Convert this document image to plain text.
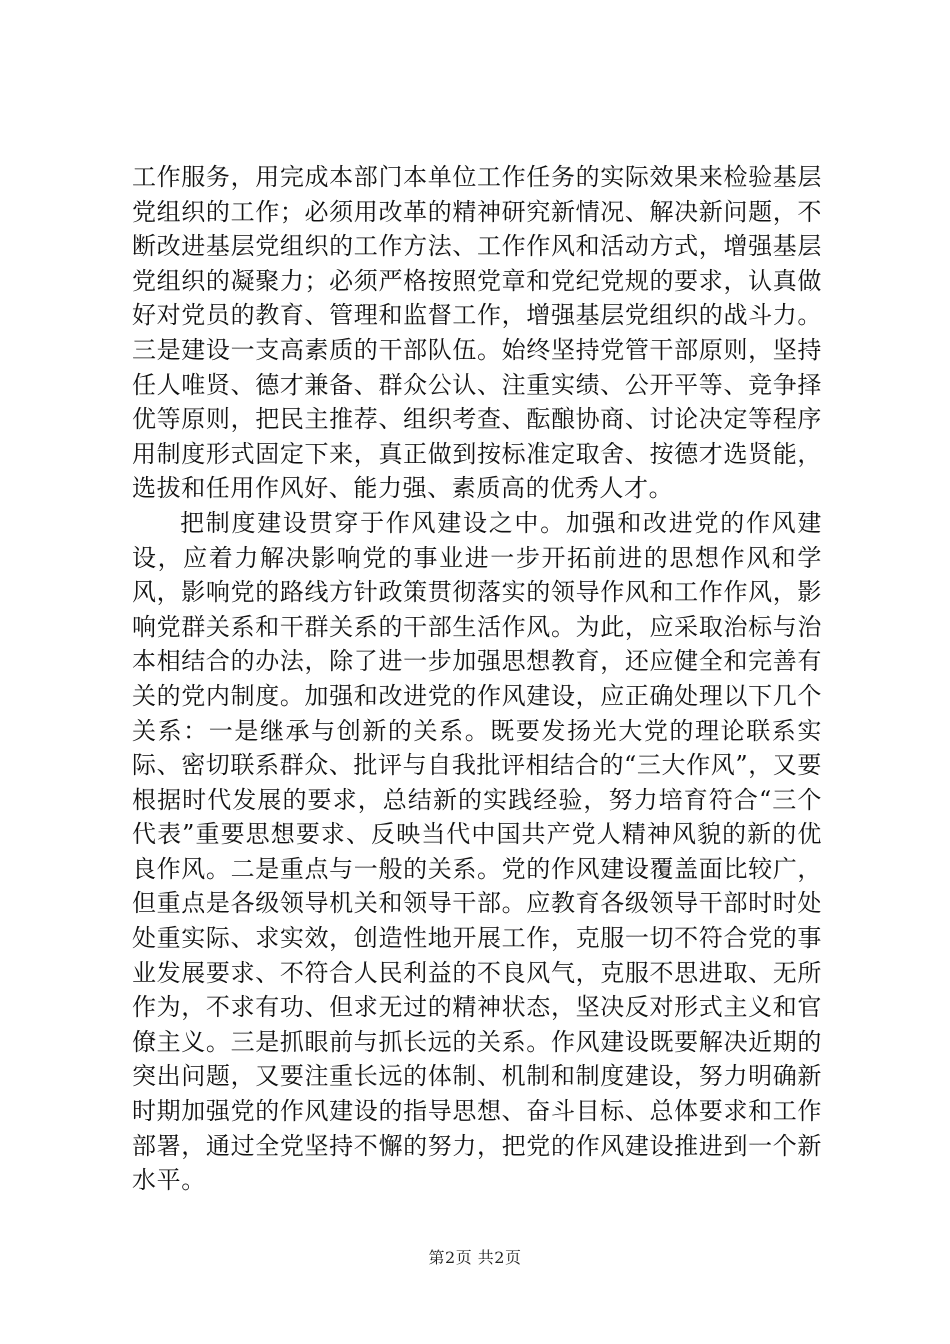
工作服务，用完成本部门本单位工作任务的实际效果来检验基层党组织的工作；必须用改革的精神研究新情况、解决新问题，不断改进基层党组织的工作方法、工作作风和活动方式，增强基层党组织的凝聚力；必须严格按照党章和党纪党规的要求，认真做好对党员的教育、管理和监督工作，增强基层党组织的战斗力。三是建设一支高素质的干部队伍。始终坚持党管干部原则，坚持任人唯贤、德才兼备、群众公认、注重实绩、公开平等、竞争择优等原则，把民主推荐、组织考查、酝酿协商、讨论决定等程序用制度形式固定下来，真正做到按标准定取舍、按德才选贤能，选拔和任用作风好、能力强、素质高的优秀人才。

把制度建设贯穿于作风建设之中。加强和改进党的作风建设，应着力解决影响党的事业进一步开拓前进的思想作风和学风，影响党的路线方针政策贯彻落实的领导作风和工作作风，影响党群关系和干群关系的干部生活作风。为此，应采取治标与治本相结合的办法，除了进一步加强思想教育，还应健全和完善有关的党内制度。加强和改进党的作风建设，应正确处理以下几个关系：一是继承与创新的关系。既要发扬光大党的理论联系实际、密切联系群众、批评与自我批评相结合的“三大作风”，又要根据时代发展的要求，总结新的实践经验，努力培育符合“三个代表”重要思想要求、反映当代中国共产党人精神风貌的新的优良作风。二是重点与一般的关系。党的作风建设覆盖面比较广，但重点是各级领导机关和领导干部。应教育各级领导干部时时处处重实际、求实效，创造性地开展工作，克服一切不符合党的事业发展要求、不符合人民利益的不良风气，克服不思进取、无所作为，不求有功、但求无过的精神状态，坚决反对形式主义和官僚主义。三是抓眼前与抓长远的关系。作风建设既要解决近期的突出问题，又要注重长远的体制、机制和制度建设，努力明确新时期加强党的作风建设的指导思想、奋斗目标、总体要求和工作部署，通过全党坚持不懈的努力，把党的作风建设推进到一个新水平。

第2页 共2页
